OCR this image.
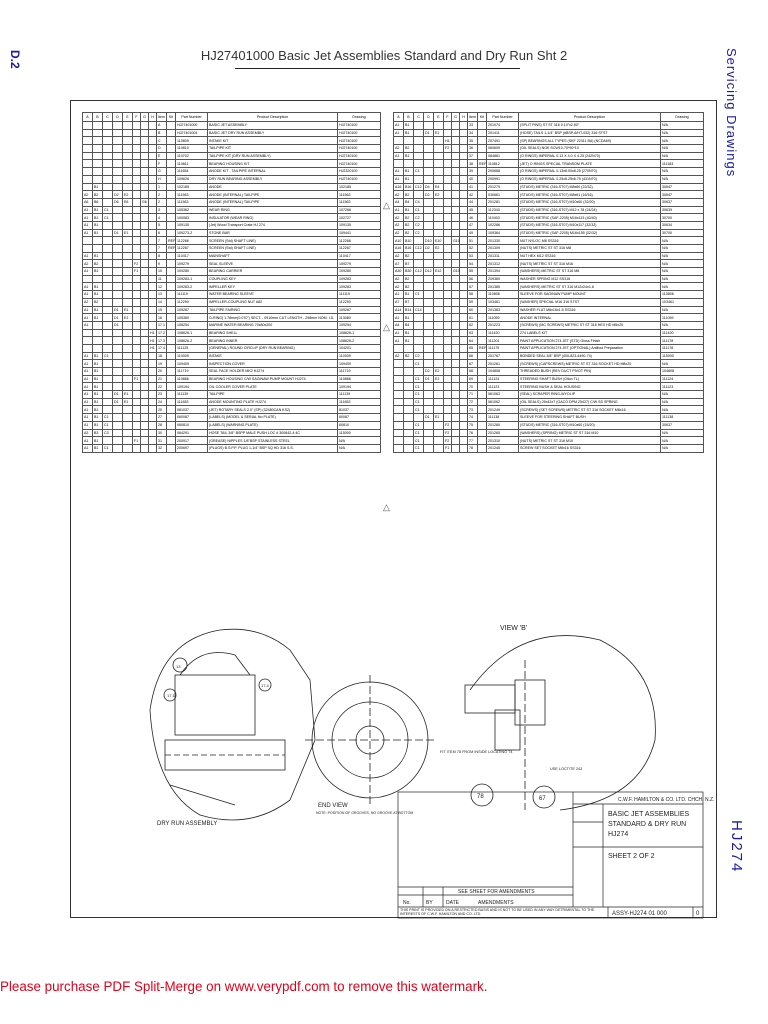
D.2	HJ27401000 Basic Jet Assemblies Standard and Dry Run Sht 2	Servicing Drawings
HJ274
A	B	C	D	E	F	G	H	Item	Kit	Part Number	Product Description	Drawing
								A		HJ27401000	BASIC JET ASSEMBLY	HJ2740100
								B		HJ27401004	BASIC JET DRY RUN ASSEMBLY	HJ2740100
								C		110809	INTAKE KIT	HJ2740100
								D		110810	TAILPIPE KIT	HJ2740100
								E		110702	TAILPIPE KIT (DRY RUN ASSEMBLY)	HJ2740100
								F		110811	BEARING HOUSING KIT	HJ2740100
								G		111654	ANODE KIT - TAILPIPE INTERNAL	HJ2320100
								H		109626	DRY RUN BEARING ASSEMBLY	HJ2740100
	B1							1		102185	ANODE	102185
A2	B2		D2	E2				2		111563	ANODE (INTERNAL) TAILPIPE	111563
A6	B6		D6	E6		G6		2		111563	ANODE (INTERNAL) TAILPIPE	111563
A1	B1	C1						3		105362	WEAR RING	107266
A1	B1	C1						4		100083	INSULATOR (WEAR RING)	102727
A1	B1							5		109135	(Jet) Wood Transport Crate HJ 274	109135
A1	B1		D1	E1				6		109273-2	STONE BAR	109441
								7	REF	112266	SCREEN (Std) SHAFT LINE)	112266
								7	REF	112267	SCREEN (Std) SHAFT LINE)	112267
A1	B1							8		110417	MAINSHAFT	110417
A2	B2				F2			9		109279	SEAL SLEEVE	109279
A1	B1				F1			10		109280	BEARING CARRIER	109280
								11		109283-1	COUPLING KEY	109283
A1	B1							12		109283-2	IMPELLER KEY	109283
A1	B1							13		111119	WATER BEARING SLEEVE	111119
A2	B2							14		112290	IMPELLER-COUPLING NUT A82	112290
A1	B1		D1	E1				15		109267	TAILPIPE FAIRING	109267
A1	B1		D1	E1				16		105360	O-RING) 1.78mm(0.070") SECT. - 0910mm CUT LENGTH - 298mm NOM. I.D.	113080
A1			D1					17.1		108254	MARINE WATER BEARING 70x80x200	109254
							H1	17.2		108626-1	BEARING SHELL	108626-1
							H1	17.3		108626-2	BEARING INNER	108626-2
							H1	17.4		111125	(GENERAL) ROUND CIRCLIP (DRY RUN BEARING)	104201
A1	B1	C1						18		110009	INTAKE	110009
A1	B1							19		109409	INSPECTION COVER	109409
A1	B1							20		111719	SEAL FACE HOLDER MK2 HJ274	111719
A1	B1				F1			21		110866	BEARING HOUSING C/W SAGINAW PUMP MOUNT HJ274	110866
A1	B1							22		109194	OIL COOLER COVER PLATE	109194
A1	B1		D1	E1				23		111139	TAILPIPE	111139
A1	B1		D1	E1				24		111653	ANODE MOUNTING PLATE HJ274	111653
A1	B1							25		081037	(JET) ROTARY SEALS 2.0" (SP) (32480CAN KS2)	81037
A1	B1	C1						27		060087	(LABELS) (MODEL & SERIAL No PLATE)	60087
A1	B1	C1						28		060810	(LABELS) (WARNING PLATE)	60810
A3	B3	C3						30		064291	HOSE TAIL 3/8" BSPP MALE PUSH LOC # 300842-4 4C	115000
A1	B1				F1			31		200917	(GREASE) NIPPLES 1/8"BSP STAINLESS STEEL	N/A
A1	B1	C1						32		200697	(PLUGS) B.S.P.P. PLUG 1-1/4" BSP SQ HD 316 S.S.	N/A
A	B	C	D	E	F	G	H	Item	Kit	Part Number	Product Description	Drawing
A1	B1							33		201074	(SPLIT PINS) ST ST 316 0.10"x2.50"	N/A
A1	B1		D1	E1				34		201411	(HOSE) TAILS 1-1/4" BSP (#BSP-6/HT-032) 316 STST	N/A
					H1			35		207491	(SP) BEARINGS ALL TYPES (SKF 22311 BA) (NCDA69)	N/A
A2	B2				F2			36		060609	(OIL SEALS) NOK SCW10-70*90*10	N/A
A1	B1							37		084881	(O RINGS) IMPERIAL 0.13 X 4.0 X 4.25 (242N70)	N/A
								38	REF	110812	(JET) O RINGS SPECIAL TRANSOM PLATE	111183
A1	B1	C1						39		200668	(O RINGS) IMPERIAL 0.13x8.00x8.25 (270N70)	N/A
A1	B1							40		200991	(O RINGS) IMPERIAL 0.25x6.25x6.75 (431N70)	N/A
A16	B16	C12	D4	E4				41		201279	(STUDS) METRIC (316-ST07) M8x60 (22/32)	30647
A2	B2		D2	E2				42		030661	(STUDS) METRIC (316-ST07) M8x61 (16/16)	30647
A4	B4	C4						44		201281	(STUDS) METRIC (316-ST07) M10x60 (32/20)	30637
A1	B1	C1						45		112343	(STUDS) METRIC (316-ST07) M12 x 78 (24/24)	30639
A2	B2	C2						46		110403	(STUDS) METRIC (SAF-2205) M16x113 (40/40)	30700
A2	B2	C2						47		102286	(STUDS) METRIC (316-ST07) M10x117 (32/32)	30634
A2	B2	C2						49		109364	(STUDS) METRIC (SAF-2205) M16x155 (32/32)	30700
A10	B10		D10	E10		G10		51		201330	NUT NYLOC M8 SS316	N/A
A16	B16	C12	D2	E2				52		201309	(NUTS) METRIC ST ST 316 M8	N/A
A2	B2							53		201311	NUT HEX M12 SS316	N/A
A7	B7							54		201312	(NUTS) METRIC ST ST 316 M16	N/A
A30	B30	C12	D12	E12		G10		55		201394	(WASHERS) METRIC ST ST 316 M8	N/A
A2	B2							56		209369	WASHER SPRING M12 SS316	N/A
A2	B2							57		201385	(WASHERS) METRIC ST ST 316 M12x24x1.6	N/A
A1	B1	C1						58		110806	SLEEVE FOR SAGINAW PUMP MOUNT	110806
A7	B7							59		103461	(WASHER) SPECIAL M16 316 STST	103461
A14	B14	C14						60		201383	WASHER FLAT M8x16x1.5 SS316	N/A
A1	B1							61		111059	ANODE INTERNAL	111059
A4	B4							62		201223	(SCREWS) (MC SCREWS) METRIC ST ST 316 HEX HD M5x20	N/A
A1	B1							63		111420	274 LABELS KIT	111420
A1	B1							64		111201	PAINT APPLICATION 274 JET (STD) Gloss Finish	111178
								65	REF	111179	PAINT APPLICATION 274 JET (OPTIONAL) Antifoul Preparation	111178
A2	B2	C2						66		201767	BONDED SEAL 3/8" BSP (400-823-4490-74)	115000
		C1						67		201261	(SCREWS) (CAPSCREWS) METRIC ST ST 316 SOCKET HD M8x20	N/A
			D2	E2				68		104808	THREADED BUSH (REV DUCT PIVOT PIN)	104808
		C1	D1	E1				69		111124	STEERING SHAFT BUSH (Oilon TL)	111124
		C1						70		111123	STEERING BUSH & SEAL HOUSING	111123
		C1						71		061063	(SEAL) SCRAPER RING-WYOLIP	N/A
		C1						72		061062	(OIL SEALS) 25x42x7 (GACO DPM 25427) C/W SS SPRING	N/A
		C1						73		201249	(SCREWS) (SET SCREWS) METRIC ST ST 316 SOCKET M8x16	N/A
			D1	E1				74		111138	SLEEVE FOR STEERING SHAFT BUSH	111138
		C1			F2			75		201280	(STUDS) METRIC (316-ST07) M10x60 (15/20)	30637
		C1			F2			76		201265	(WASHERS) (SPRING) METRIC ST ST 316 M10	N/A
		C1			F2			77		201310	(NUTS) METRIC ST ST 316 M10	N/A
		C1			F1			78		201245	SCREW SET SOCKET M8x16 SS316	N/A
△
△
△
DRY RUN ASSEMBLY
13
17.1
17.4
END VIEW
NOTE: POSITION OF GROOVES, NO GROOVE AT BOTTOM
VIEW 'B'
FIT ITEM 78 FROM INSIDE LOCATING 74
USE LOCTITE 243
78	67	C.W.F. HAMILTON & CO. LTD. CHCH. N.Z.
BASIC JET ASSEMBLIES
STANDARD & DRY RUN
HJ274
SHEET 2 OF 2
ASSY-HJ274 01 000	0
SEE SHEET FOR AMENDMENTS
AMENDMENTS
No.	BY	DATE
THIS PRINT IS PROVIDED ON A RESTRICTED BASIS AND IS NOT TO BE USED IN ANY WAY DETRIMENTAL TO THE INTERESTS OF C.W.F. HAMILTON AND CO. LTD.
Please purchase PDF Split-Merge on www.verypdf.com to remove this watermark.
